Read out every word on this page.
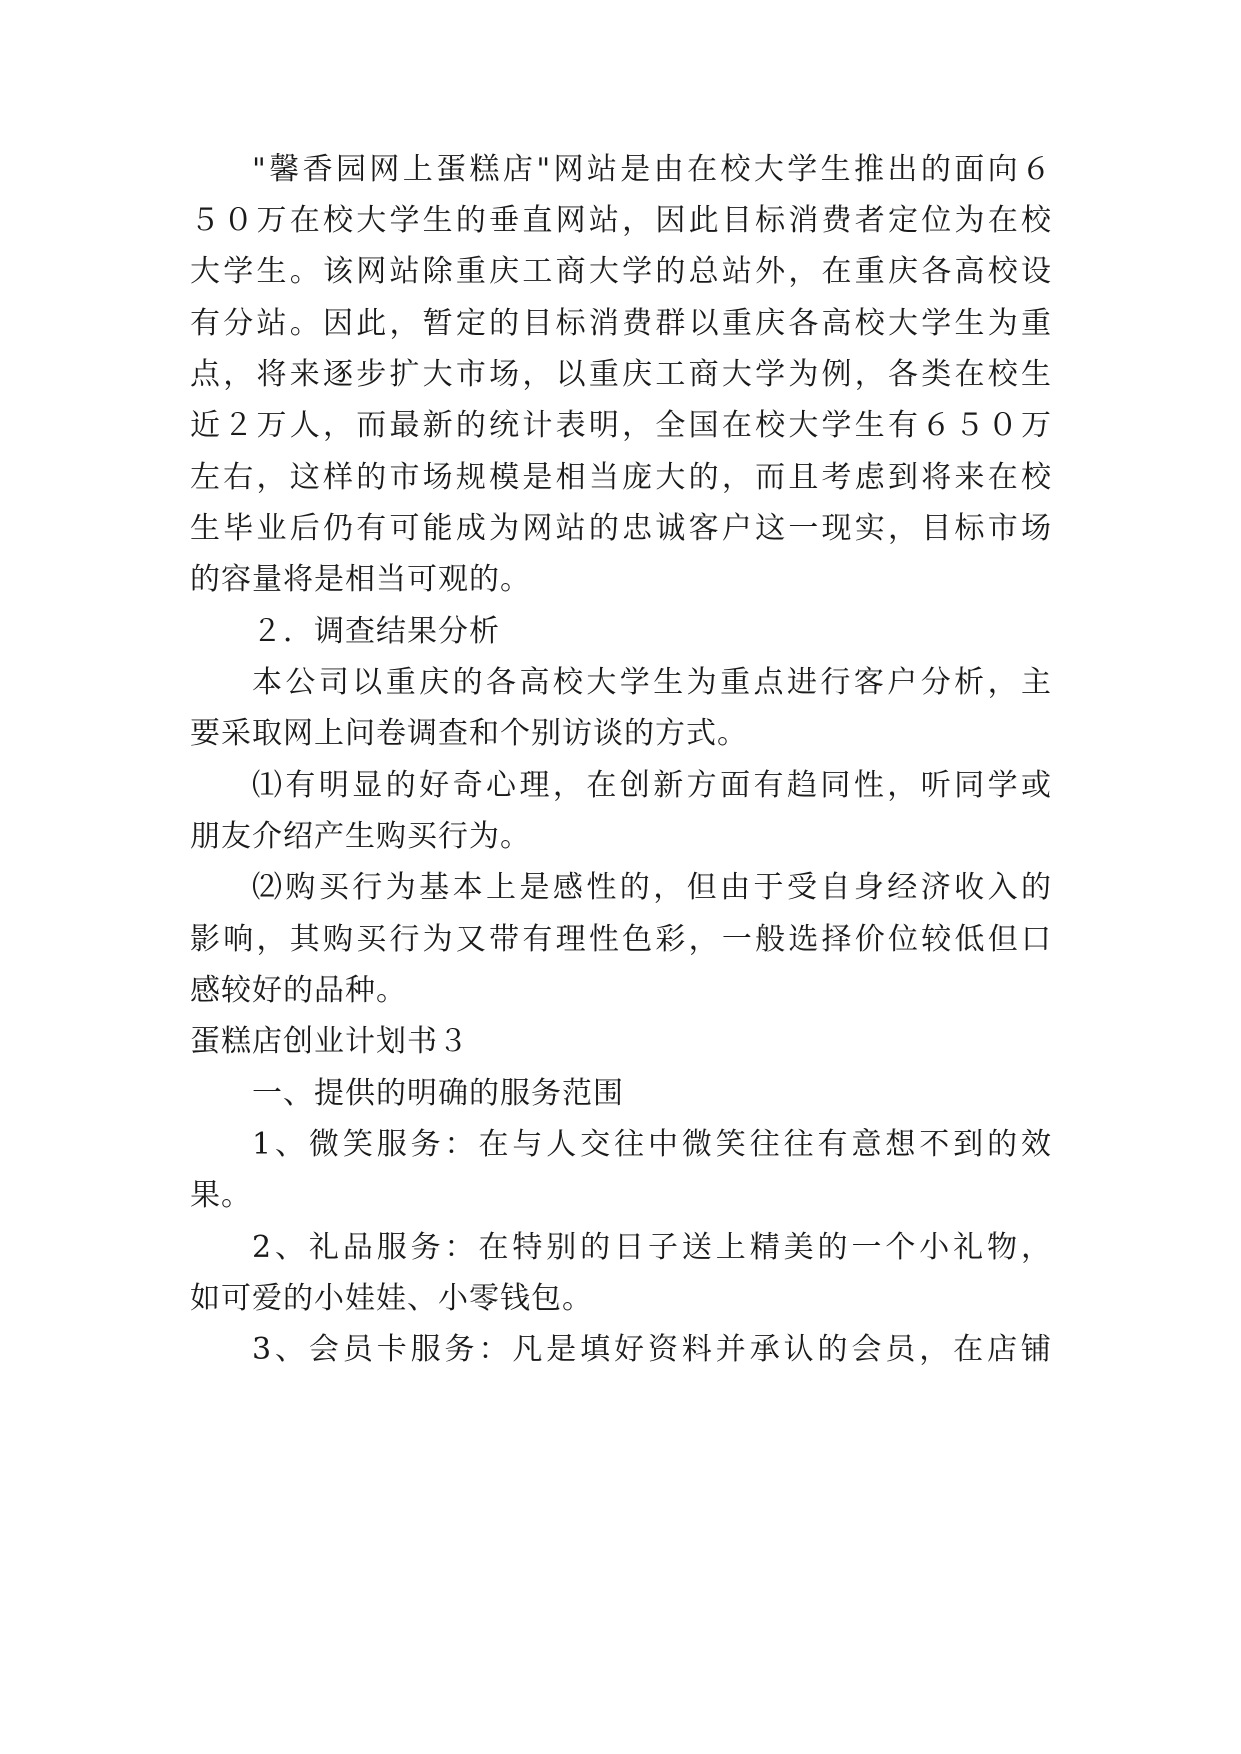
"馨香园网上蛋糕店"网站是由在校大学生推出的面向６
５０万在校大学生的垂直网站，因此目标消费者定位为在校
大学生。该网站除重庆工商大学的总站外，在重庆各高校设
有分站。因此，暂定的目标消费群以重庆各高校大学生为重
点，将来逐步扩大市场，以重庆工商大学为例，各类在校生
近２万人，而最新的统计表明，全国在校大学生有６５０万
左右，这样的市场规模是相当庞大的，而且考虑到将来在校
生毕业后仍有可能成为网站的忠诚客户这一现实，目标市场
的容量将是相当可观的。
２．调查结果分析
本公司以重庆的各高校大学生为重点进行客户分析，主
要采取网上问卷调查和个别访谈的方式。
⑴有明显的好奇心理，在创新方面有趋同性，听同学或
朋友介绍产生购买行为。
⑵购买行为基本上是感性的，但由于受自身经济收入的
影响，其购买行为又带有理性色彩，一般选择价位较低但口
感较好的品种。
蛋糕店创业计划书３
一、提供的明确的服务范围
1、微笑服务：在与人交往中微笑往往有意想不到的效
果。
2、礼品服务：在特别的日子送上精美的一个小礼物，
如可爱的小娃娃、小零钱包。
3、会员卡服务：凡是填好资料并承认的会员，在店铺
